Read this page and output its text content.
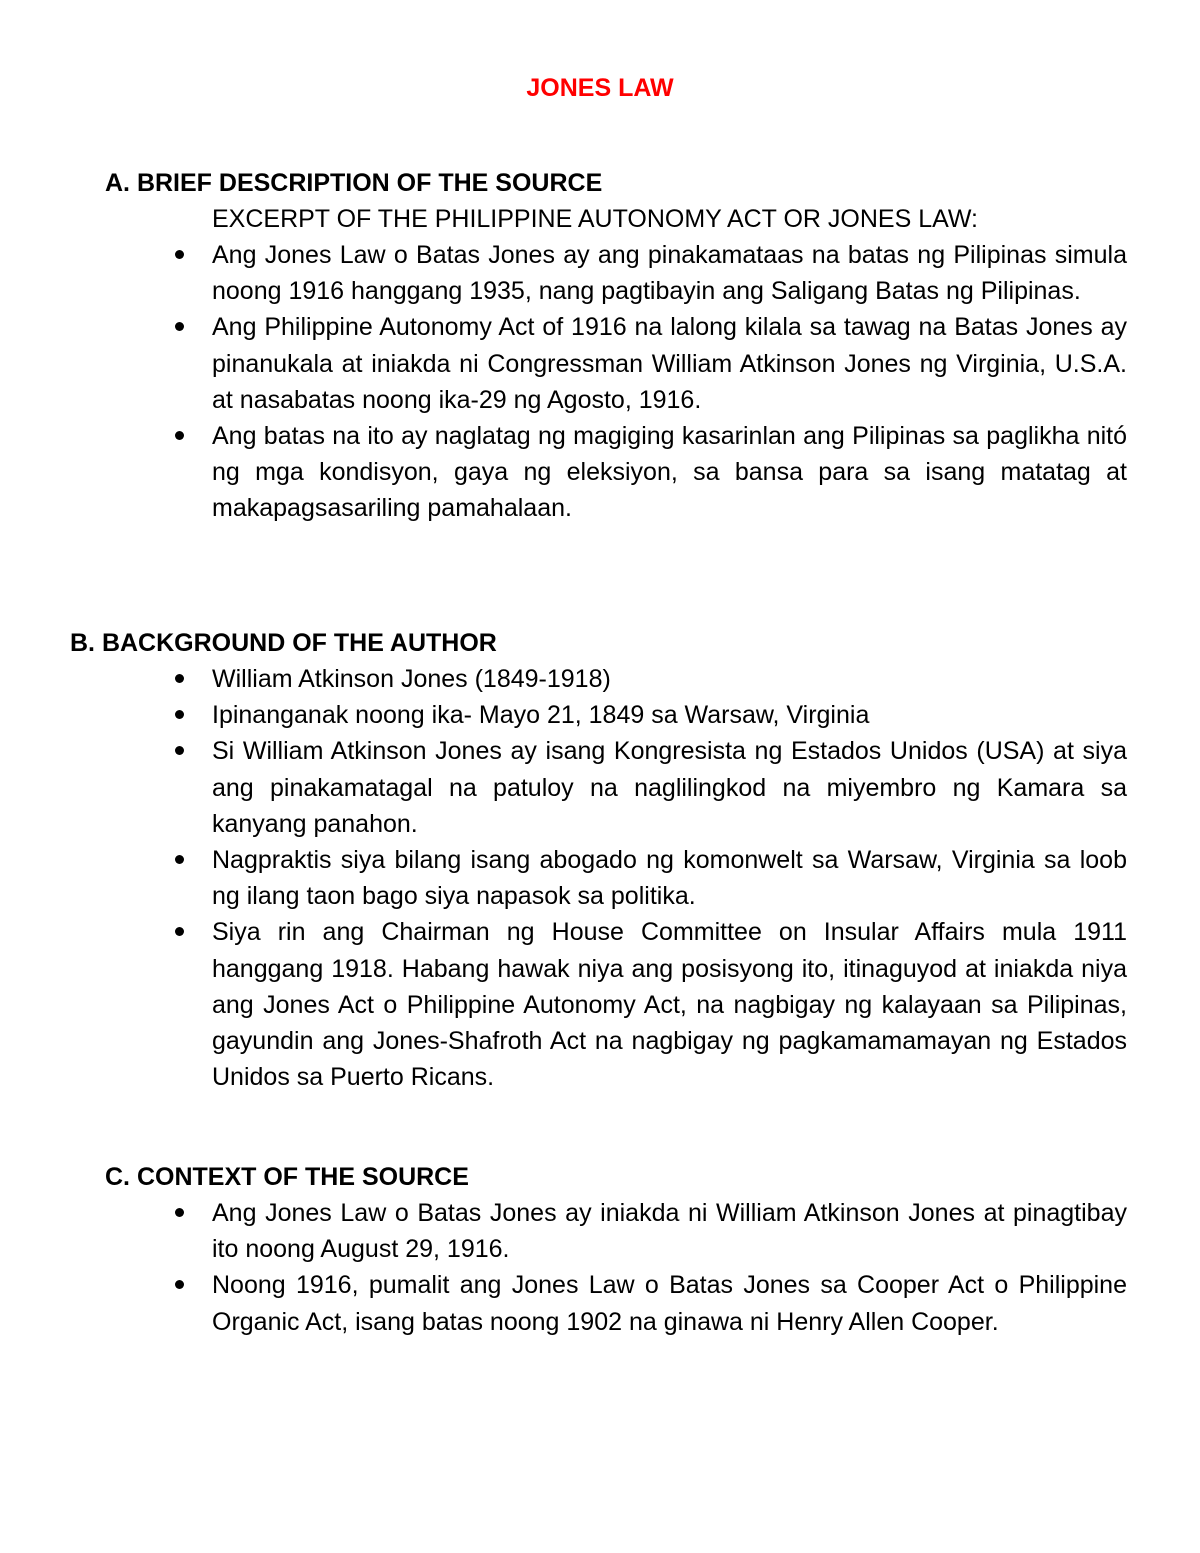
JONES LAW
A. BRIEF DESCRIPTION OF THE SOURCE
EXCERPT OF THE PHILIPPINE AUTONOMY ACT OR JONES LAW:
Ang Jones Law o Batas Jones ay ang pinakamataas na batas ng Pilipinas simula noong 1916 hanggang 1935, nang pagtibayin ang Saligang Batas ng Pilipinas.
Ang Philippine Autonomy Act of 1916 na lalong kilala sa tawag na Batas Jones ay pinanukala at iniakda ni Congressman William Atkinson Jones ng Virginia, U.S.A. at nasabatas noong ika-29 ng Agosto, 1916.
Ang batas na ito ay naglatag ng magiging kasarinlan ang Pilipinas sa paglikha nitó ng mga kondisyon, gaya ng eleksiyon, sa bansa para sa isang matatag at makapagsasariling pamahalaan.
B. BACKGROUND OF THE AUTHOR
William Atkinson Jones (1849-1918)
Ipinanganak noong ika- Mayo 21, 1849 sa Warsaw, Virginia
Si William Atkinson Jones ay isang Kongresista ng Estados Unidos (USA) at siya ang pinakamatagal na patuloy na naglilingkod na miyembro ng Kamara sa kanyang panahon.
Nagpraktis siya bilang isang abogado ng komonwelt sa Warsaw, Virginia sa loob ng ilang taon bago siya napasok sa politika.
Siya rin ang Chairman ng House Committee on Insular Affairs mula 1911 hanggang 1918. Habang hawak niya ang posisyong ito, itinaguyod at iniakda niya ang Jones Act o Philippine Autonomy Act, na nagbigay ng kalayaan sa Pilipinas, gayundin ang Jones-Shafroth Act na nagbigay ng pagkamamamayan ng Estados Unidos sa Puerto Ricans.
C. CONTEXT OF THE SOURCE
Ang Jones Law o Batas Jones ay iniakda ni William Atkinson Jones at pinagtibay ito noong August 29, 1916.
Noong 1916, pumalit ang Jones Law o Batas Jones sa Cooper Act o Philippine Organic Act, isang batas noong 1902 na ginawa ni Henry Allen Cooper.
